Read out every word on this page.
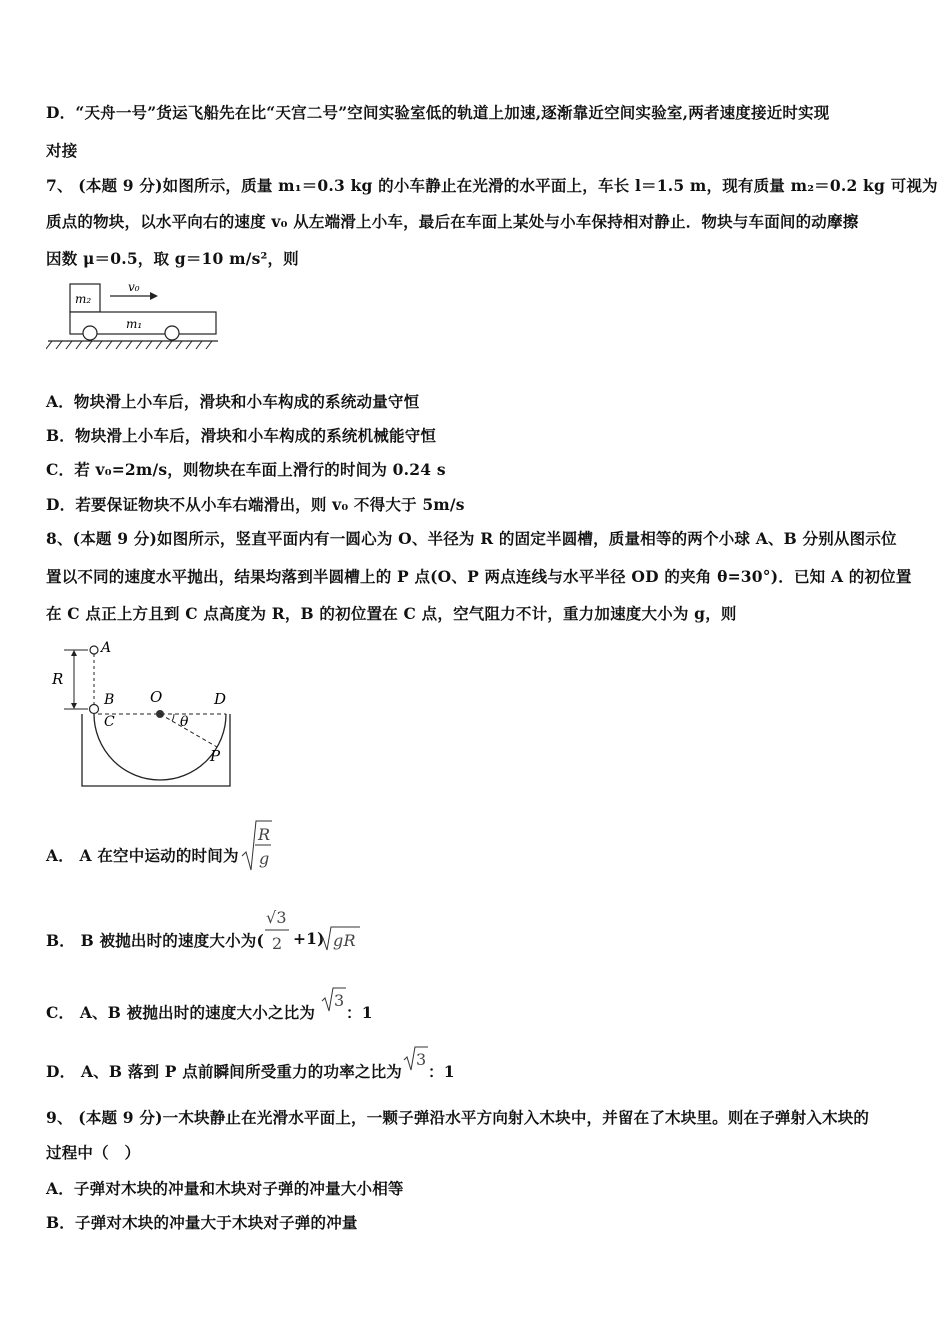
D．“天舟一号”货运飞船先在比“天宫二号”空间实验室低的轨道上加速,逐渐靠近空间实验室,两者速度接近时实现
对接
7、 (本题 9 分)如图所示，质量 m₁＝0.3 kg 的小车静止在光滑的水平面上，车长 l＝1.5 m，现有质量 m₂＝0.2 kg 可视为
质点的物块，以水平向右的速度 v₀ 从左端滑上小车，最后在车面上某处与小车保持相对静止．物块与车面间的动摩擦
因数 μ＝0.5，取 g＝10 m/s²，则
m₂
v₀
m₁
A．物块滑上小车后，滑块和小车构成的系统动量守恒
B．物块滑上小车后，滑块和小车构成的系统机械能守恒
C．若 v₀=2m/s，则物块在车面上滑行的时间为 0.24 s
D．若要保证物块不从小车右端滑出，则 v₀ 不得大于 5m/s
8、(本题 9 分)如图所示，竖直平面内有一圆心为 O、半径为 R 的固定半圆槽，质量相等的两个小球 A、B 分别从图示位
置以不同的速度水平抛出，结果均落到半圆槽上的 P 点(O、P 两点连线与水平半径 OD 的夹角 θ=30°)．已知 A 的初位置
在 C 点正上方且到 C 点高度为 R，B 的初位置在 C 点，空气阻力不计，重力加速度大小为 g，则
R
A
B
C
O	D
θ
P
A． A 在空中运动的时间为
R
g
B． B 被抛出时的速度大小为(
√3
2 +1) gR
C． A、B 被抛出时的速度大小之比为
3
：1
D． A、B 落到 P 点前瞬间所受重力的功率之比为
3
：1
9、 (本题 9 分)一木块静止在光滑水平面上，一颗子弹沿水平方向射入木块中，并留在了木块里。则在子弹射入木块的
过程中（　）
A．子弹对木块的冲量和木块对子弹的冲量大小相等
B．子弹对木块的冲量大于木块对子弹的冲量
